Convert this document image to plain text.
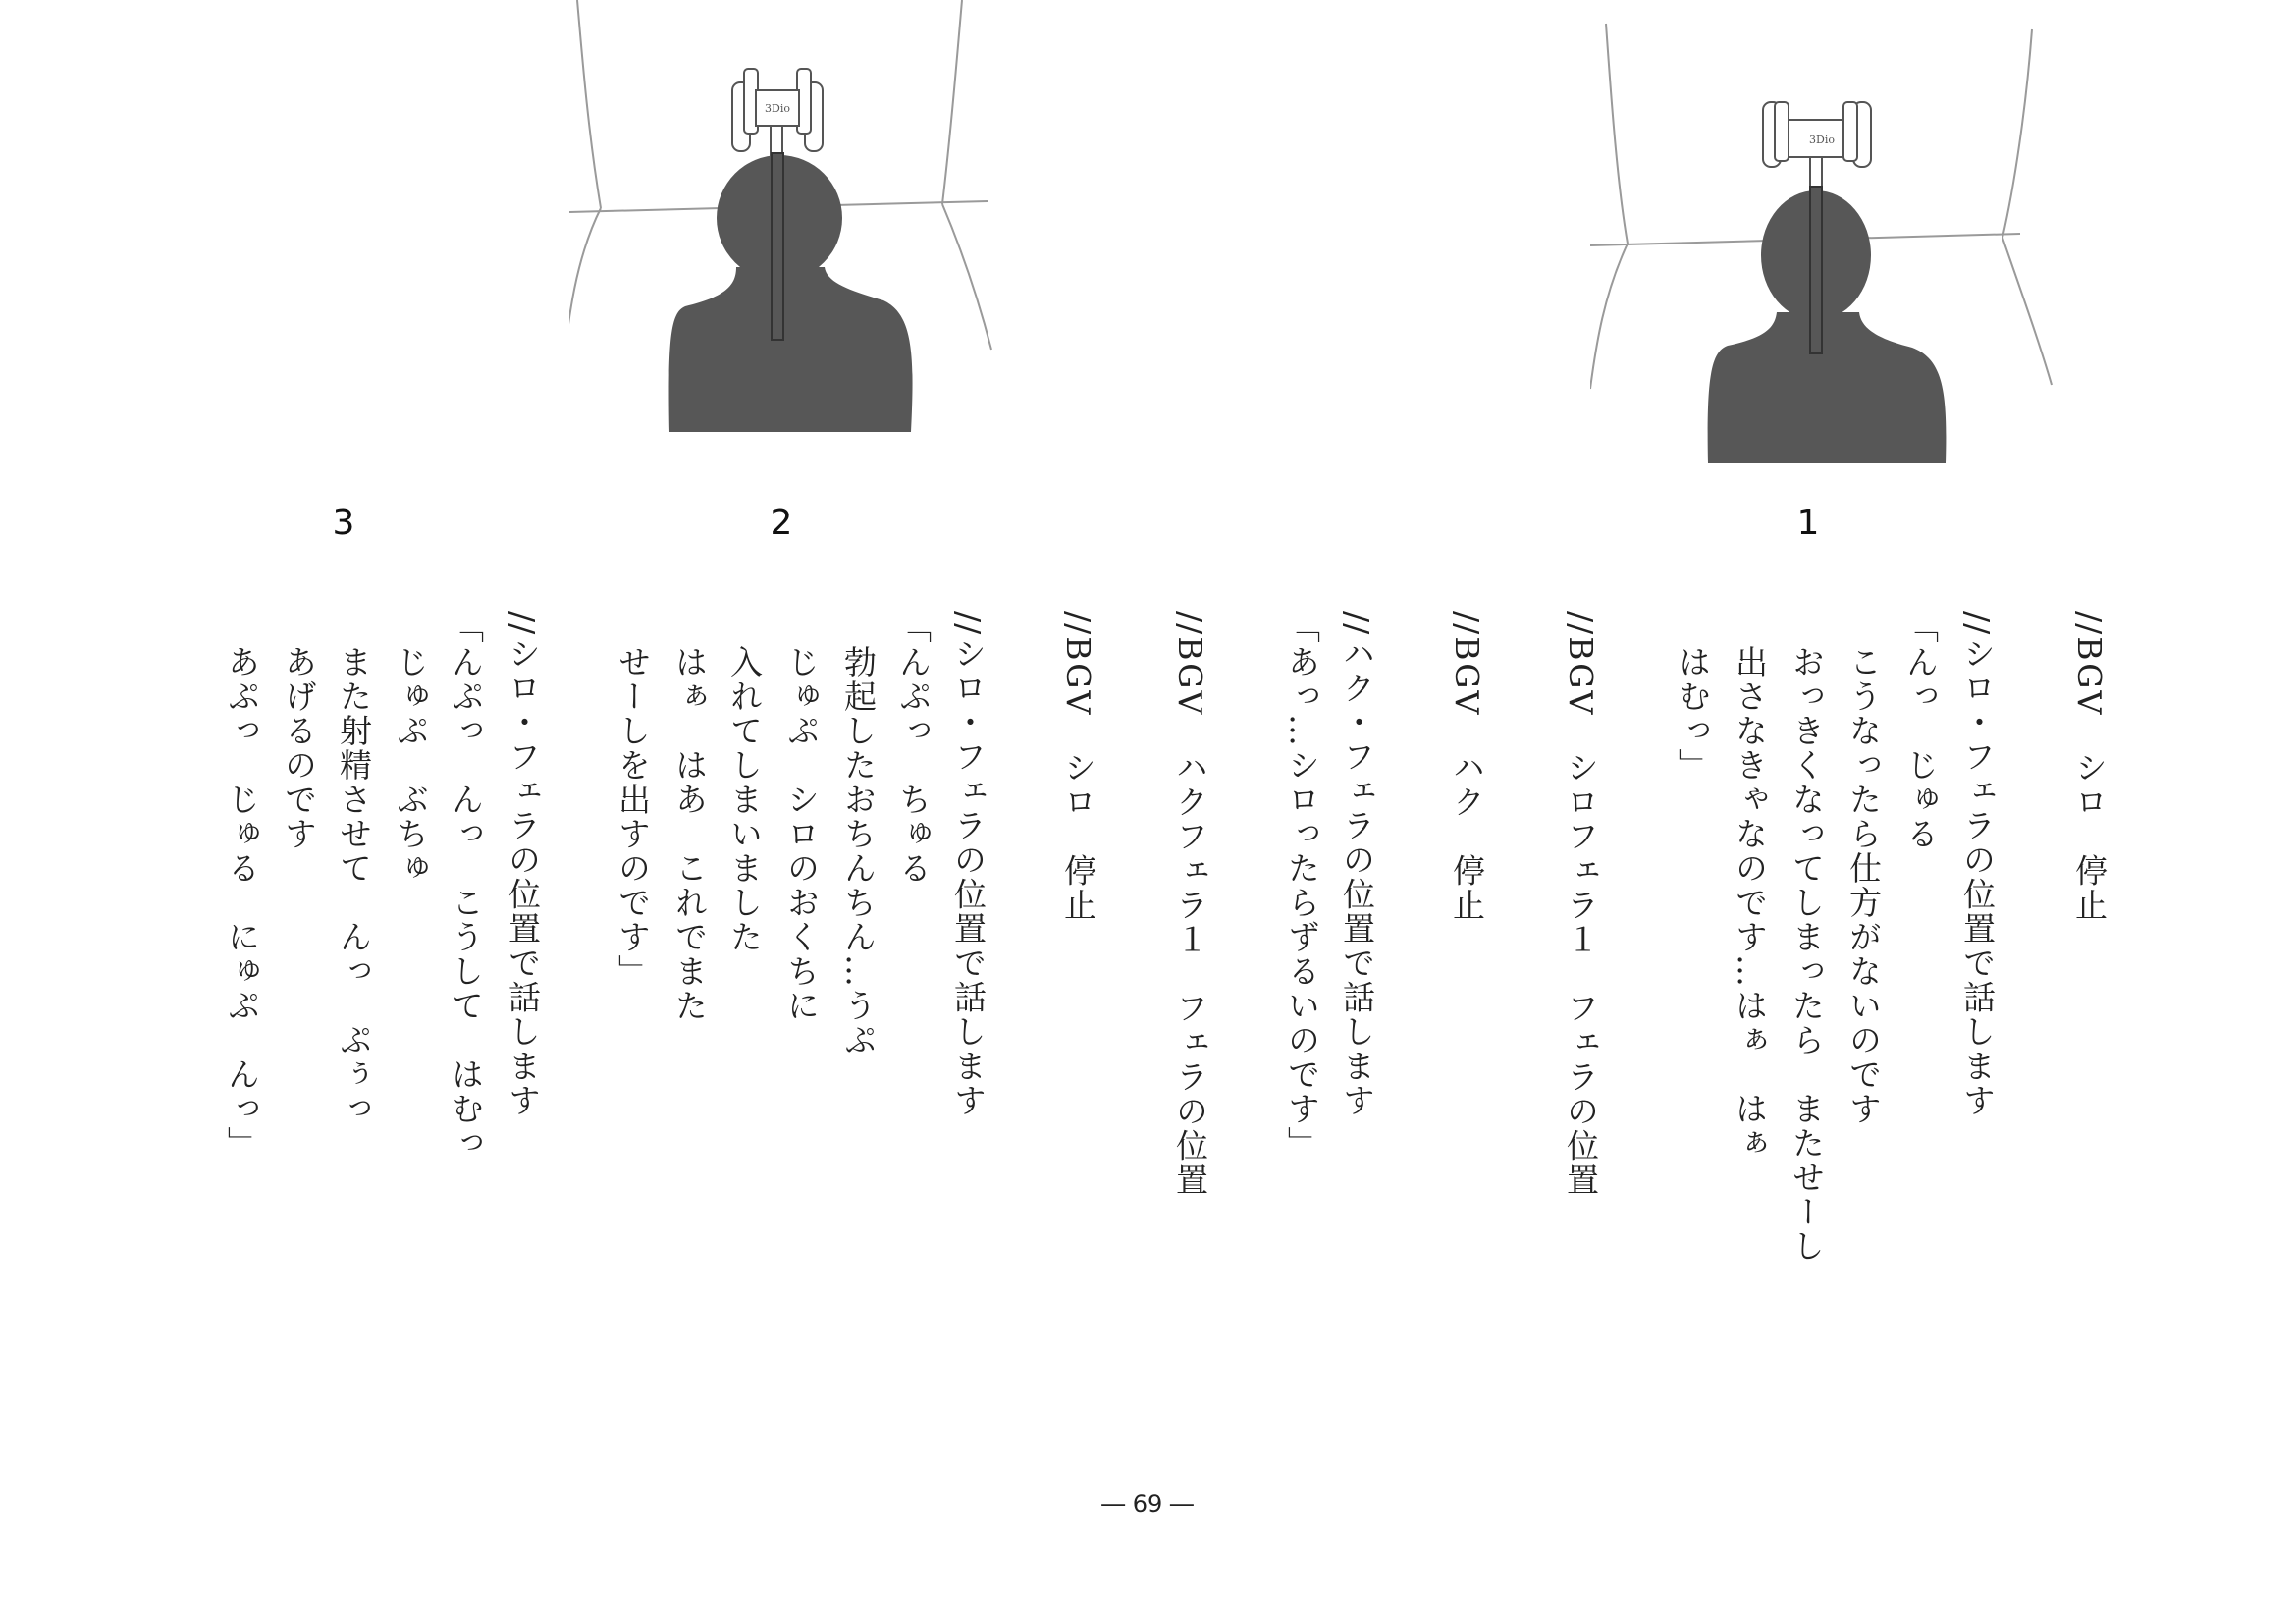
3Dio
3Dio
3	2	1
//BGV　シロ　停止
//シロ・フェラの位置で話します
「んっ　じゅる
　こうなったら仕方がないのです
　おっきくなってしまったら　またせーし
　出さなきゃなのです…はぁ　はぁ
　はむっ」
//BGV　シロフェラ１　フェラの位置
//BGV　ハク　停止
//ハク・フェラの位置で話します
「あっ…シロったらずるいのです」
//BGV　ハクフェラ１　フェラの位置
//BGV　シロ　停止
//シロ・フェラの位置で話します
「んぷっ　ちゅる
　勃起したおちんちん…うぷ
　じゅぷ　シロのおくちに
　入れてしまいました
　はぁ　はあ　これでまた
　せーしを出すのです」
//シロ・フェラの位置で話します
「んぷっ　んっ　こうして　はむっ
　じゅぷ　ぶちゅ
　また射精させて　んっ　ぷぅっ
　あげるのです
　あぷっ　じゅる　にゅぷ　んっ」
― 69 ―
